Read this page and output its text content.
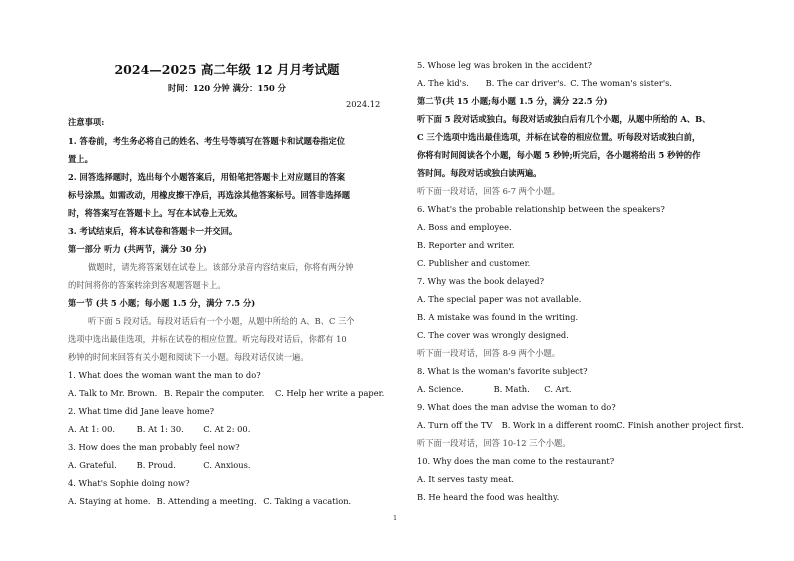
2024—2025 高二年级 12 月月考试题
时间：120 分钟 满分：150 分
2024.12
注意事项:
1. 答卷前，考生务必将自己的姓名、考生号等填写在答题卡和试题卷指定位
置上。
2. 回答选择题时，选出每个小题答案后，用铅笔把答题卡上对应题目的答案
标号涂黑。如需改动，用橡皮擦干净后，再选涂其他答案标号。回答非选择题
时，将答案写在答题卡上。写在本试卷上无效。
3. 考试结束后，将本试卷和答题卡一并交回。
第一部分 听力 (共两节，满分 30 分)
做题时，请先将答案划在试卷上。该部分录音内容结束后，你将有两分钟
的时间将你的答案转涂到客观题答题卡上。
第一节 (共 5 小题；每小题 1.5 分，满分 7.5 分)
听下面 5 段对话。每段对话后有一个小题，从题中所给的 A、B、C 三个
选项中选出最佳选项，并标在试卷的相应位置。听完每段对话后，你都有 10
秒钟的时间来回答有关小题和阅读下一小题。每段对话仅读一遍。
1. What does the woman want the man to do?
A. Talk to Mr. Brown. B. Repair the computer. C. Help her write a paper.
2. What time did Jane leave home?
A. At 1: 00.	B. At 1: 30. C. At 2: 00.
3. How does the man probably feel now?
A. Grateful. B. Proud.	C. Anxious.
4. What's Sophie doing now?
A. Staying at home. B. Attending a meeting. C. Taking a vacation.
5. Whose leg was broken in the accident?
A. The kid's. B. The car driver's. C. The woman's sister's.
第二节(共 15 小题;每小题 1.5 分，满分 22.5 分)
听下面 5 段对话或独白。每段对话或独白后有几个小题，从题中所给的 A、B、
C 三个选项中选出最佳选项，并标在试卷的相应位置。听每段对话或独白前，
你将有时间阅读各个小题，每小题 5 秒钟;听完后，各小题将给出 5 秒钟的作
答时间。每段对话或独白读两遍。
听下面一段对话，回答 6-7 两个小题。
6. What's the probable relationship between the speakers?
A. Boss and employee.
B. Reporter and writer.
C. Publisher and customer.
7. Why was the book delayed?
A. The special paper was not available.
B. A mistake was found in the writing.
C. The cover was wrongly designed.
听下面一段对话，回答 8-9 两个小题。
8. What is the woman's favorite subject?
A. Science.	B. Math. C. Art.
9. What does the man advise the woman to do?
A. Turn off the TV B. Work in a different room. C. Finish another project first.
听下面一段对话，回答 10-12 三个小题。
10. Why does the man come to the restaurant?
A. It serves tasty meat.
B. He heard the food was healthy.
1
